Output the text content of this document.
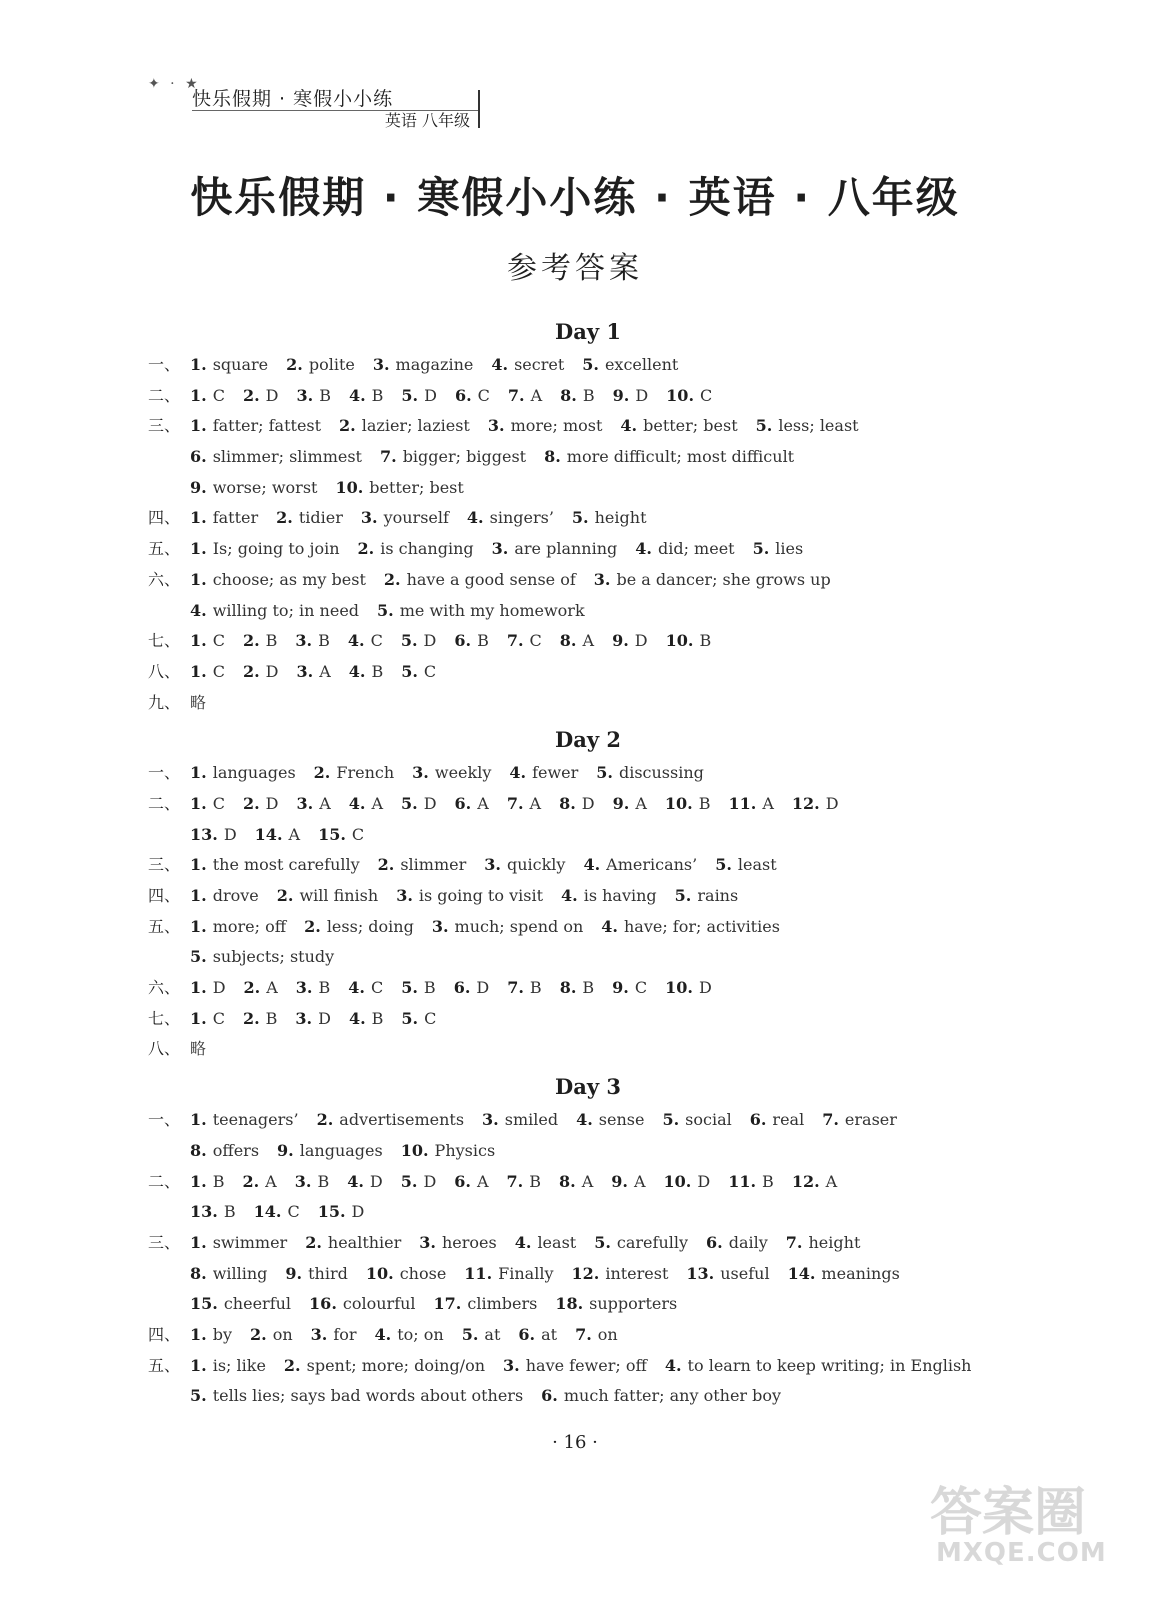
✦ · ★
快乐假期 · 寒假小小练
英语 八年级
快乐假期 · 寒假小小练 · 英语 · 八年级
参考答案
Day 1
一、 1. square 2. polite 3. magazine 4. secret 5. excellent
二、 1. C 2. D 3. B 4. B 5. D 6. C 7. A 8. B 9. D 10. C
三、 1. fatter; fattest 2. lazier; laziest 3. more; most 4. better; best 5. less; least
6. slimmer; slimmest 7. bigger; biggest 8. more difficult; most difficult
9. worse; worst 10. better; best
四、 1. fatter 2. tidier 3. yourself 4. singers’ 5. height
五、 1. Is; going to join 2. is changing 3. are planning 4. did; meet 5. lies
六、 1. choose; as my best 2. have a good sense of 3. be a dancer; she grows up
4. willing to; in need 5. me with my homework
七、 1. C 2. B 3. B 4. C 5. D 6. B 7. C 8. A 9. D 10. B
八、 1. C 2. D 3. A 4. B 5. C
九、 略
Day 2
一、 1. languages 2. French 3. weekly 4. fewer 5. discussing
二、 1. C 2. D 3. A 4. A 5. D 6. A 7. A 8. D 9. A 10. B 11. A 12. D
13. D 14. A 15. C
三、 1. the most carefully 2. slimmer 3. quickly 4. Americans’ 5. least
四、 1. drove 2. will finish 3. is going to visit 4. is having 5. rains
五、 1. more; off 2. less; doing 3. much; spend on 4. have; for; activities
5. subjects; study
六、 1. D 2. A 3. B 4. C 5. B 6. D 7. B 8. B 9. C 10. D
七、 1. C 2. B 3. D 4. B 5. C
八、 略
Day 3
一、 1. teenagers’ 2. advertisements 3. smiled 4. sense 5. social 6. real 7. eraser
8. offers 9. languages 10. Physics
二、 1. B 2. A 3. B 4. D 5. D 6. A 7. B 8. A 9. A 10. D 11. B 12. A
13. B 14. C 15. D
三、 1. swimmer 2. healthier 3. heroes 4. least 5. carefully 6. daily 7. height
8. willing 9. third 10. chose 11. Finally 12. interest 13. useful 14. meanings
15. cheerful 16. colourful 17. climbers 18. supporters
四、 1. by 2. on 3. for 4. to; on 5. at 6. at 7. on
五、 1. is; like 2. spent; more; doing/on 3. have fewer; off 4. to learn to keep writing; in English
5. tells lies; says bad words about others 6. much fatter; any other boy
· 16 ·
答案圈
MXQE.COM
